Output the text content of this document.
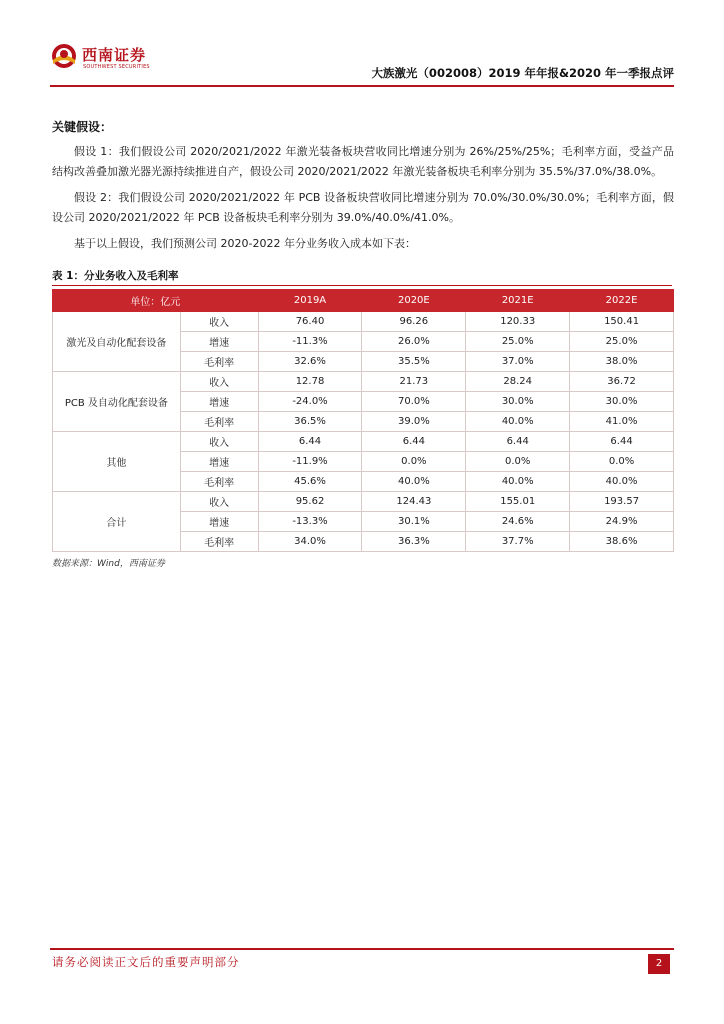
西南证券
SOUTHWEST SECURITIES	大族激光（002008）2019 年年报&2020 年一季报点评
关键假设：

假设 1：我们假设公司 2020/2021/2022 年激光装备板块营收同比增速分别为 26%/25%/25%；毛利率方面，受益产品结构改善叠加激光器光源持续推进自产，假设公司 2020/2021/2022 年激光装备板块毛利率分别为 35.5%/37.0%/38.0%。

假设 2：我们假设公司 2020/2021/2022 年 PCB 设备板块营收同比增速分别为 70.0%/30.0%/30.0%；毛利率方面，假设公司 2020/2021/2022 年 PCB 设备板块毛利率分别为 39.0%/40.0%/41.0%。

基于以上假设，我们预测公司 2020-2022 年分业务收入成本如下表：

表 1：分业务收入及毛利率
单位：亿元		2019A	2020E	2021E	2022E
激光及自动化配套设备	收入	76.40	96.26	120.33	150.41
	增速	-11.3%	26.0%	25.0%	25.0%
	毛利率	32.6%	35.5%	37.0%	38.0%
PCB 及自动化配套设备	收入	12.78	21.73	28.24	36.72
	增速	-24.0%	70.0%	30.0%	30.0%
	毛利率	36.5%	39.0%	40.0%	41.0%
其他	收入	6.44	6.44	6.44	6.44
	增速	-11.9%	0.0%	0.0%	0.0%
	毛利率	45.6%	40.0%	40.0%	40.0%
合计	收入	95.62	124.43	155.01	193.57
	增速	-13.3%	30.1%	24.6%	24.9%
	毛利率	34.0%	36.3%	37.7%	38.6%
数据来源：Wind，西南证券
请务必阅读正文后的重要声明部分	2
